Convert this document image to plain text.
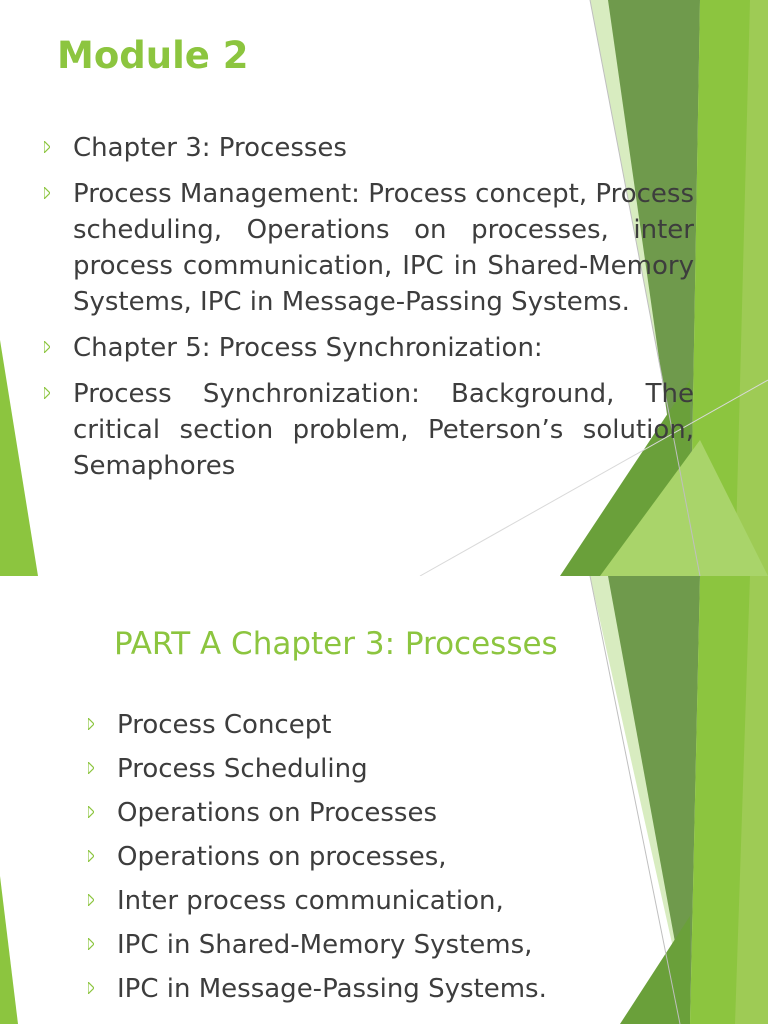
Module 2
Chapter 3: Processes
Process Management: Process concept, Process scheduling, Operations on processes, inter process communication, IPC in Shared-Memory Systems, IPC in Message-Passing Systems.
Chapter 5: Process Synchronization:
Process Synchronization: Background, The critical section problem, Peterson’s solution, Semaphores
PART A Chapter 3: Processes
Process Concept
Process Scheduling
Operations on Processes
Operations on processes,
Inter process communication,
IPC in Shared-Memory Systems,
IPC in Message-Passing Systems.
